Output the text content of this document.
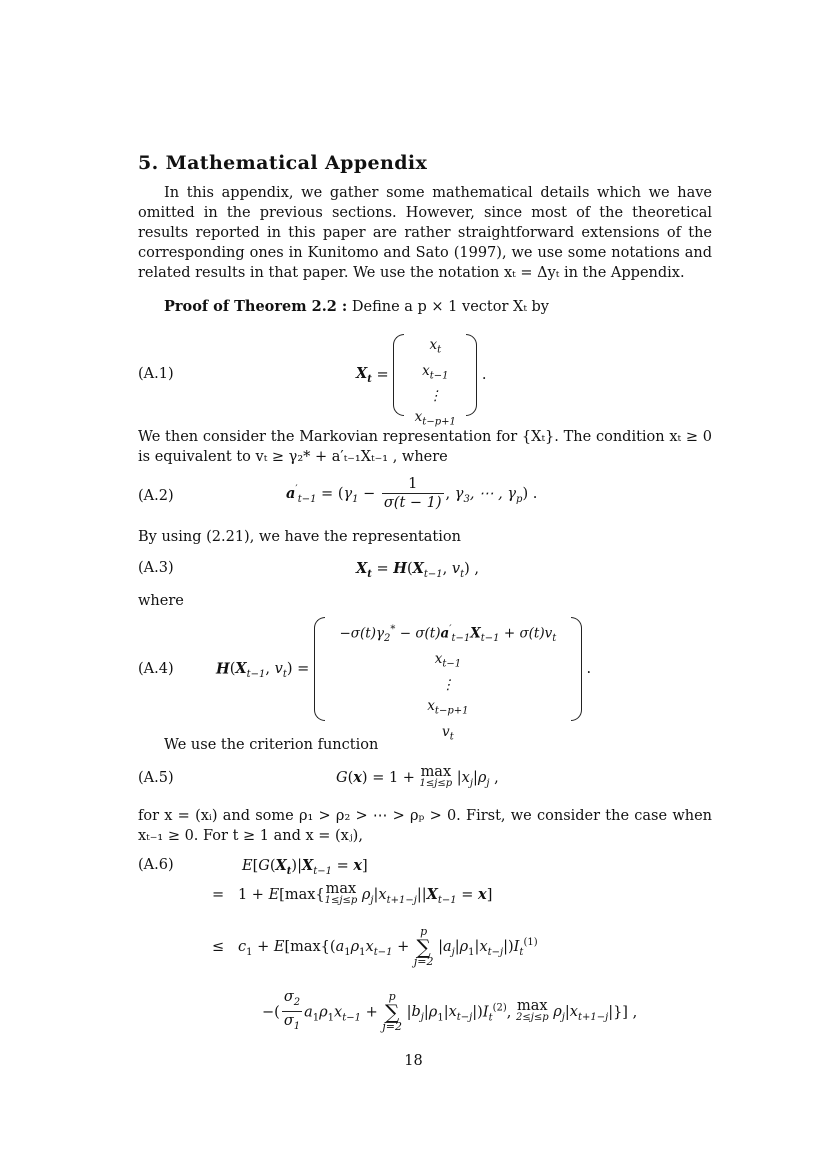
5. Mathematical Appendix
In this appendix, we gather some mathematical details which we have omitted in the previous sections. However, since most of the theoretical results reported in this paper are rather straightforward extensions of the corresponding ones in Kunitomo and Sato (1997), we use some notations and related results in that paper. We use the notation xₜ = Δyₜ in the Appendix.
Proof of Theorem 2.2 : Define a p × 1 vector Xₜ by
(A.1)	$X_t$ =
$x_t$
$x_{t-1}$
⋮
$x_{t-p+1}$
.
We then consider the Markovian representation for {Xₜ}. The condition xₜ ≥ 0 is equivalent to vₜ ≥ γ₂* + a′ₜ₋₁Xₜ₋₁ , where
(A.2)	$a'_{t-1} = (\gamma_1 - \frac{1}{\sigma(t - 1)}$ , $\gamma_3$, ⋯ , $\gamma_p$) .
By using (2.21), we have the representation
(A.3)	$X_t = H(X_{t-1}$, $v_t$) ,
where
(A.4)	$H(X_{t-1}$, $v_t$) =
$-\sigma(t)\gamma_2^* - \sigma(t)a'_{t-1}X_{t-1} + \sigma(t)v_t$
$x_{t-1}$
⋮
$x_{t-p+1}$
$v_t$
.
We use the criterion function
(A.5)	G(x) = 1 + max
1≤j≤p $|x_j|\rho_j$ ,
for x = (xᵢ) and some ρ₁ > ρ₂ > ⋯ > ρₚ > 0. First, we consider the case when xₜ₋₁ ≥ 0. For t ≥ 1 and x = (xⱼ),
(A.6)	$E[G(X_t)|X_{t-1} = x]$
=   1 + E[max{max
1≤j≤p $\rho_j|x_{t+1-j}||X_{t-1} = x$]
≤   $c_1 + E[\max\{(a_1\rho_1x_{t-1} + p$
∑
j=2 $|a_j|\rho_1|x_{t-j}|)I_t^{(1)}$
−( $\frac{\sigma_2}{\sigma_1} a_1\rho_1x_{t-1} + p$
∑
j=2 $|b_j|\rho_1|x_{t-j}|)I_t^{(2)}$, max
2≤j≤p $\rho_j|x_{t+1-j}|$}] ,
18
